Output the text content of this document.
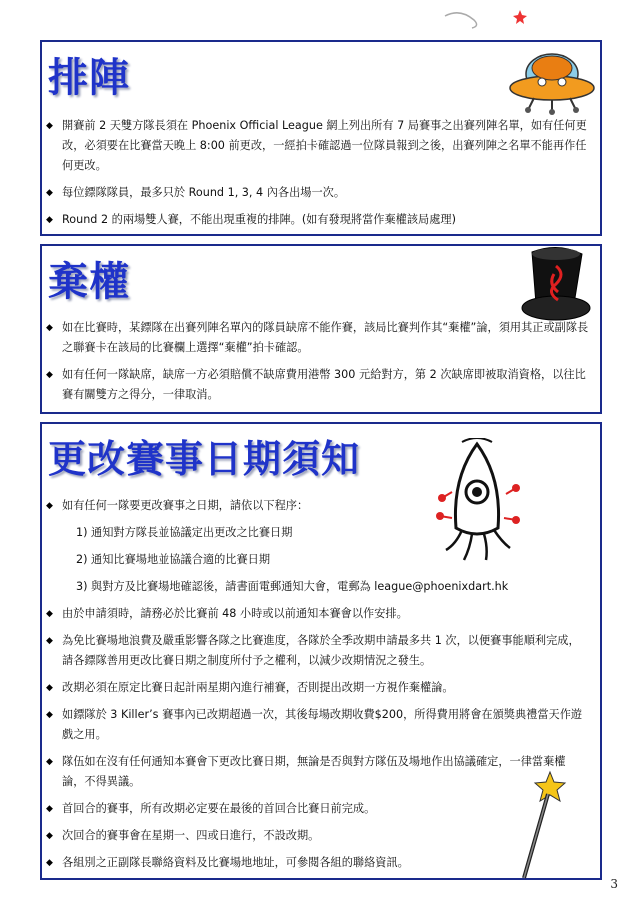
排陣
◆ 開賽前 2 天雙方隊長須在 Phoenix Official League 網上列出所有 7 局賽事之出賽列陣名單，如有任何更改，必須要在比賽當天晚上 8:00 前更改，一經拍卡確認過一位隊員報到之後，出賽列陣之名單不能再作任何更改。
◆ 每位鏢隊隊員，最多只於 Round 1, 3, 4 內各出場一次。
◆ Round 2 的兩場雙人賽，不能出現重複的排陣。(如有發現將當作棄權該局處理)
棄權
◆ 如在比賽時，某鏢隊在出賽列陣名單內的隊員缺席不能作賽，該局比賽判作其“棄權”論，須用其正或副隊長之聯賽卡在該局的比賽欄上選擇“棄權”拍卡確認。
◆ 如有任何一隊缺席，缺席一方必須賠償不缺席費用港幣 300 元給對方，第 2 次缺席即被取消資格，以往比賽有關雙方之得分，一律取消。
更改賽事日期須知
◆ 如有任何一隊要更改賽事之日期，請依以下程序：
1) 通知對方隊長並協議定出更改之比賽日期
2) 通知比賽場地並協議合適的比賽日期
3) 與對方及比賽場地確認後，請書面電郵通知大會，電郵為 league@phoenixdart.hk
◆ 由於申請須時，請務必於比賽前 48 小時或以前通知本賽會以作安排。
◆ 為免比賽場地浪費及嚴重影響各隊之比賽進度，各隊於全季改期申請最多共 1 次，以便賽事能順利完成，請各鏢隊善用更改比賽日期之制度所付予之權利，以減少改期情況之發生。
◆ 改期必須在原定比賽日起計兩星期內進行補賽，否則提出改期一方視作棄權論。
◆ 如鏢隊於 3 Killer’s 賽事內已改期超過一次，其後每場改期收費$200，所得費用將會在頒獎典禮當天作遊戲之用。
◆ 隊伍如在沒有任何通知本賽會下更改比賽日期，無論是否與對方隊伍及場地作出協議確定，一律當棄權論，不得異議。
◆ 首回合的賽事，所有改期必定要在最後的首回合比賽日前完成。
◆ 次回合的賽事會在星期一、四或日進行，不設改期。
◆ 各組別之正副隊長聯絡資料及比賽場地地址，可參閱各組的聯絡資訊。
3
